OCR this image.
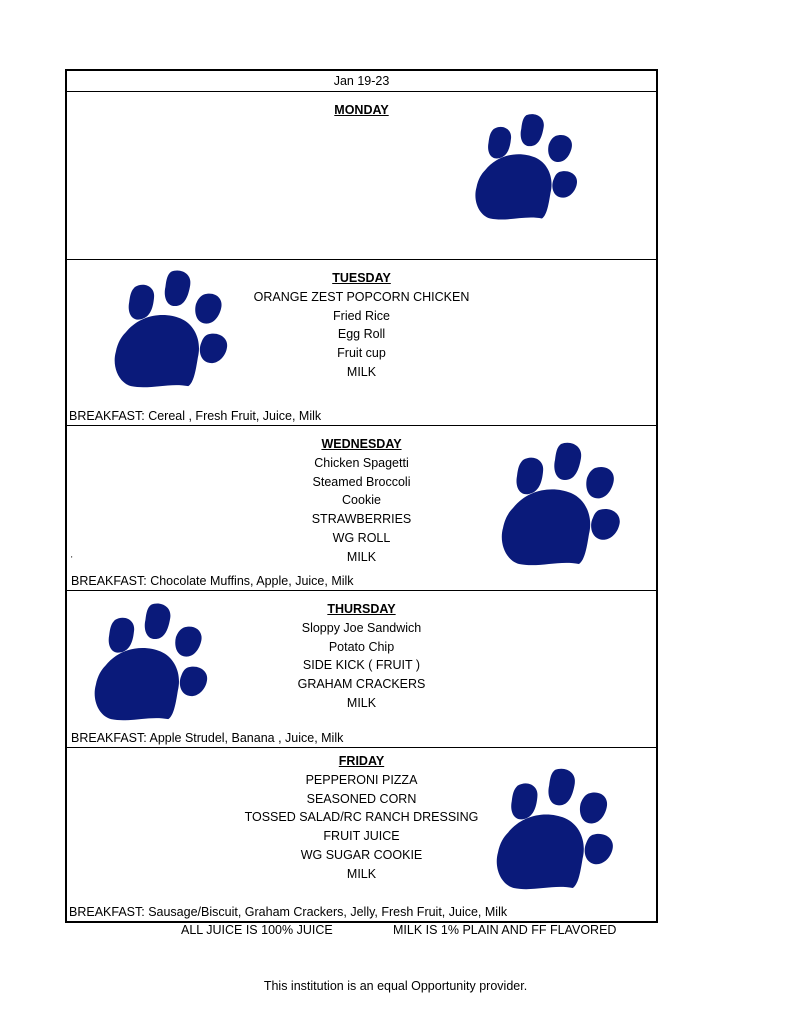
Jan 19-23
MONDAY
TUESDAY
ORANGE ZEST POPCORN CHICKEN
Fried Rice
Egg Roll
Fruit cup
MILK
BREAKFAST: Cereal , Fresh Fruit, Juice, Milk
WEDNESDAY
Chicken Spagetti
Steamed Broccoli
Cookie
STRAWBERRIES
WG ROLL
MILK
'
BREAKFAST: Chocolate Muffins, Apple, Juice, Milk
THURSDAY
Sloppy Joe Sandwich
Potato Chip
SIDE KICK ( FRUIT )
GRAHAM CRACKERS
MILK
BREAKFAST: Apple Strudel, Banana , Juice, Milk
FRIDAY
PEPPERONI PIZZA
SEASONED CORN
TOSSED SALAD/RC RANCH DRESSING
FRUIT JUICE
WG SUGAR COOKIE
MILK
BREAKFAST: Sausage/Biscuit, Graham Crackers, Jelly, Fresh Fruit, Juice, Milk
ALL JUICE IS 100% JUICE	MILK IS 1% PLAIN AND FF FLAVORED
This institution is an equal Opportunity provider.
